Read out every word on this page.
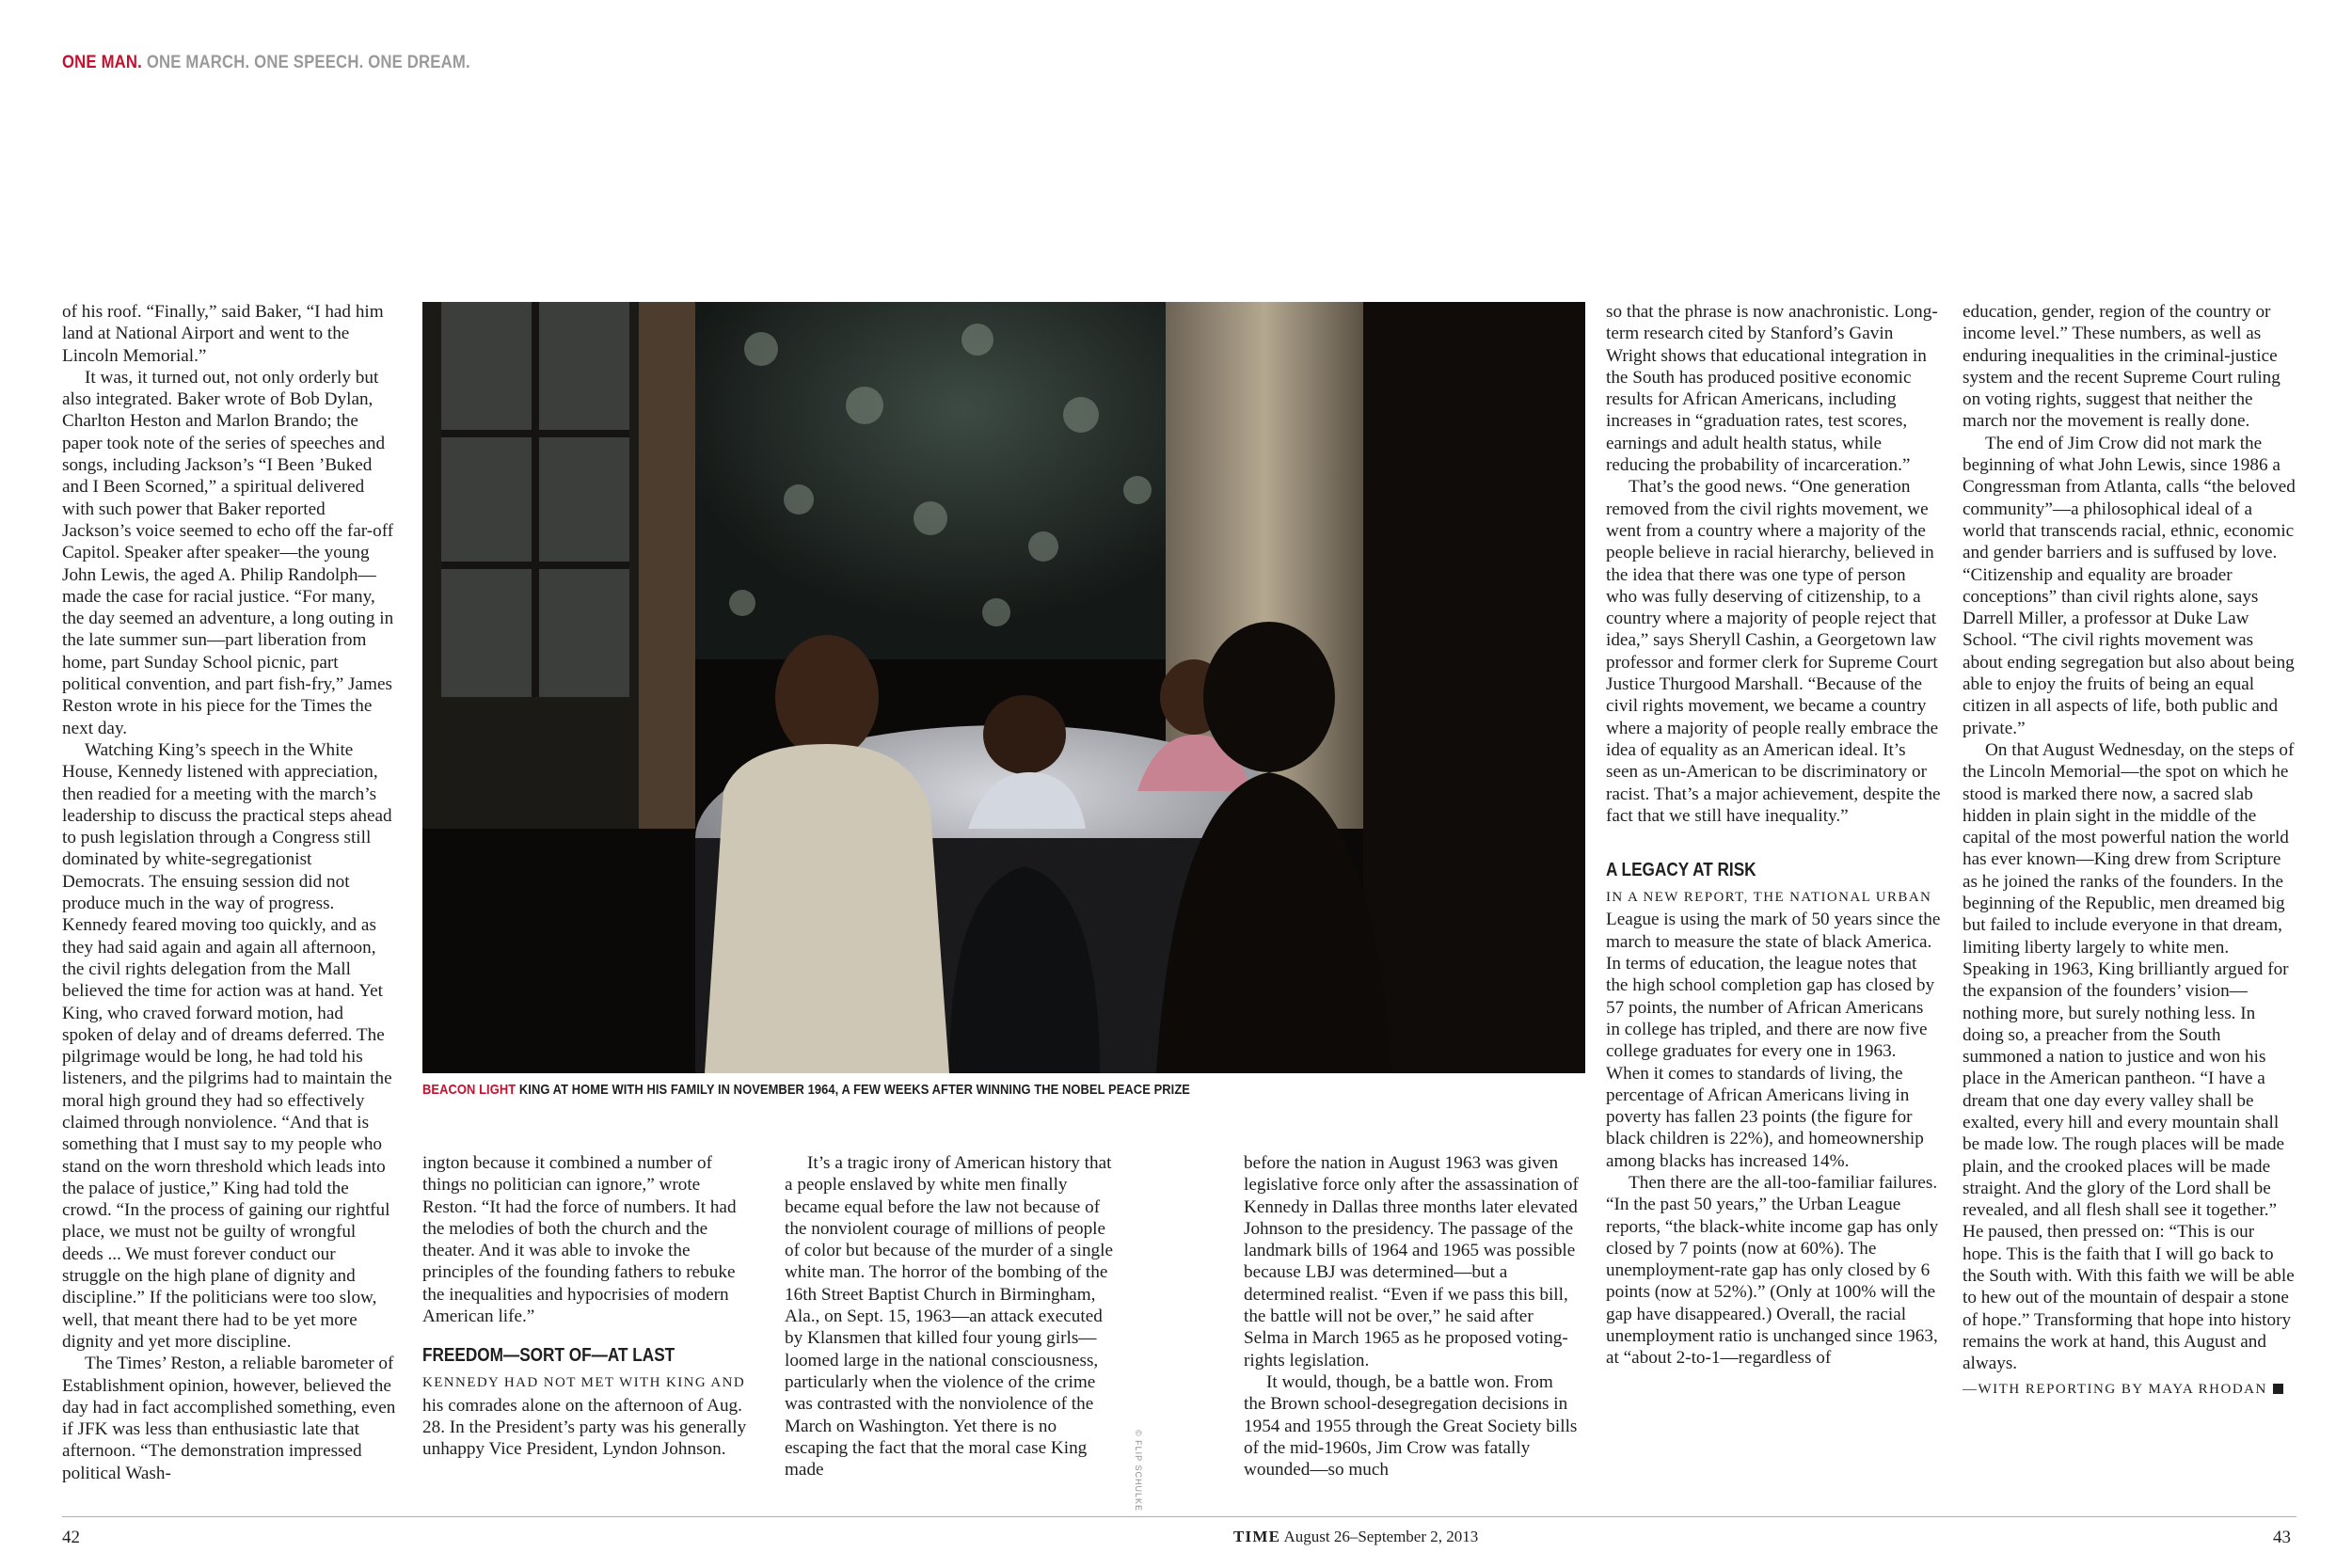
ONE MAN. ONE MARCH. ONE SPEECH. ONE DREAM.

of his roof. “Finally,” said Baker, “I had him land at National Airport and went to the Lincoln Memorial.”

It was, it turned out, not only orderly but also integrated. Baker wrote of Bob Dylan, Charlton Heston and Marlon Brando; the paper took note of the series of speeches and songs, including Jackson’s “I Been ’Buked and I Been Scorned,” a spiritual delivered with such power that Baker reported Jackson’s voice seemed to echo off the far-off Capitol. Speaker after speaker—the young John Lewis, the aged A. Philip Randolph—made the case for racial justice. “For many, the day seemed an adventure, a long outing in the late summer sun—part liberation from home, part Sunday School picnic, part political convention, and part fish-fry,” James Reston wrote in his piece for the Times the next day.

Watching King’s speech in the White House, Kennedy listened with appreciation, then readied for a meeting with the march’s leadership to discuss the practical steps ahead to push legislation through a Congress still dominated by white-segregationist Democrats. The ensuing session did not produce much in the way of progress. Kennedy feared moving too quickly, and as they had said again and again all afternoon, the civil rights delegation from the Mall believed the time for action was at hand. Yet King, who craved forward motion, had spoken of delay and of dreams deferred. The pilgrimage would be long, he had told his listeners, and the pilgrims had to maintain the moral high ground they had so effectively claimed through nonviolence. “And that is something that I must say to my people who stand on the worn threshold which leads into the palace of justice,” King had told the crowd. “In the process of gaining our rightful place, we must not be guilty of wrongful deeds ... We must forever conduct our struggle on the high plane of dignity and discipline.” If the politicians were too slow, well, that meant there had to be yet more dignity and yet more discipline.

The Times’ Reston, a reliable barometer of Establishment opinion, however, believed the day had in fact accomplished something, even if JFK was less than enthusiastic late that afternoon. “The demonstration impressed political Wash-

BEACON LIGHT KING AT HOME WITH HIS FAMILY IN NOVEMBER 1964, A FEW WEEKS AFTER WINNING THE NOBEL PEACE PRIZE
© FLIP SCHULKE

ington because it combined a number of things no politician can ignore,” wrote Reston. “It had the force of numbers. It had the melodies of both the church and the theater. And it was able to invoke the principles of the founding fathers to rebuke the inequalities and hypocrisies of modern American life.”

FREEDOM—SORT OF—AT LAST

KENNEDY HAD NOT MET WITH KING AND his comrades alone on the afternoon of Aug. 28. In the President’s party was his generally unhappy Vice President, Lyndon Johnson.

It’s a tragic irony of American history that a people enslaved by white men finally became equal before the law not because of the nonviolent courage of millions of people of color but because of the murder of a single white man. The horror of the bombing of the 16th Street Baptist Church in Birmingham, Ala., on Sept. 15, 1963—an attack executed by Klansmen that killed four young girls—loomed large in the national consciousness, particularly when the violence of the crime was contrasted with the nonviolence of the March on Washington. Yet there is no escaping the fact that the moral case King made

before the nation in August 1963 was given legislative force only after the assassination of Kennedy in Dallas three months later elevated Johnson to the presidency. The passage of the landmark bills of 1964 and 1965 was possible because LBJ was determined—but a determined realist. “Even if we pass this bill, the battle will not be over,” he said after Selma in March 1965 as he proposed voting-rights legislation.

It would, though, be a battle won. From the Brown school-desegregation decisions in 1954 and 1955 through the Great Society bills of the mid-1960s, Jim Crow was fatally wounded—so much

so that the phrase is now anachronistic. Long-term research cited by Stanford’s Gavin Wright shows that educational integration in the South has produced positive economic results for African Americans, including increases in “graduation rates, test scores, earnings and adult health status, while reducing the probability of incarceration.”

That’s the good news. “One generation removed from the civil rights movement, we went from a country where a majority of the people believe in racial hierarchy, believed in the idea that there was one type of person who was fully deserving of citizenship, to a country where a majority of people reject that idea,” says Sheryll Cashin, a Georgetown law professor and former clerk for Supreme Court Justice Thurgood Marshall. “Because of the civil rights movement, we became a country where a majority of people really embrace the idea of equality as an American ideal. It’s seen as un-American to be discriminatory or racist. That’s a major achievement, despite the fact that we still have inequality.”

A LEGACY AT RISK

IN A NEW REPORT, THE NATIONAL URBAN League is using the mark of 50 years since the march to measure the state of black America. In terms of education, the league notes that the high school completion gap has closed by 57 points, the number of African Americans in college has tripled, and there are now five college graduates for every one in 1963. When it comes to standards of living, the percentage of African Americans living in poverty has fallen 23 points (the figure for black children is 22%), and homeownership among blacks has increased 14%.

Then there are the all-too-familiar failures. “In the past 50 years,” the Urban League reports, “the black-white income gap has only closed by 7 points (now at 60%). The unemployment-rate gap has only closed by 6 points (now at 52%).” (Only at 100% will the gap have disappeared.) Overall, the racial unemployment ratio is unchanged since 1963, at “about 2-to-1—regardless of

education, gender, region of the country or income level.” These numbers, as well as enduring inequalities in the criminal-justice system and the recent Supreme Court ruling on voting rights, suggest that neither the march nor the movement is really done.

The end of Jim Crow did not mark the beginning of what John Lewis, since 1986 a Congressman from Atlanta, calls “the beloved community”—a philosophical ideal of a world that transcends racial, ethnic, economic and gender barriers and is suffused by love. “Citizenship and equality are broader conceptions” than civil rights alone, says Darrell Miller, a professor at Duke Law School. “The civil rights movement was about ending segregation but also about being able to enjoy the fruits of being an equal citizen in all aspects of life, both public and private.”

On that August Wednesday, on the steps of the Lincoln Memorial—the spot on which he stood is marked there now, a sacred slab hidden in plain sight in the middle of the capital of the most powerful nation the world has ever known—King drew from Scripture as he joined the ranks of the founders. In the beginning of the Republic, men dreamed big but failed to include everyone in that dream, limiting liberty largely to white men. Speaking in 1963, King brilliantly argued for the expansion of the founders’ vision—nothing more, but surely nothing less. In doing so, a preacher from the South summoned a nation to justice and won his place in the American pantheon. “I have a dream that one day every valley shall be exalted, every hill and every mountain shall be made low. The rough places will be made plain, and the crooked places will be made straight. And the glory of the Lord shall be revealed, and all flesh shall see it together.” He paused, then pressed on: “This is our hope. This is the faith that I will go back to the South with. With this faith we will be able to hew out of the mountain of despair a stone of hope.” Transforming that hope into history remains the work at hand, this August and always.

—WITH REPORTING BY MAYA RHODAN

42	TIME August 26–September 2, 2013	43
